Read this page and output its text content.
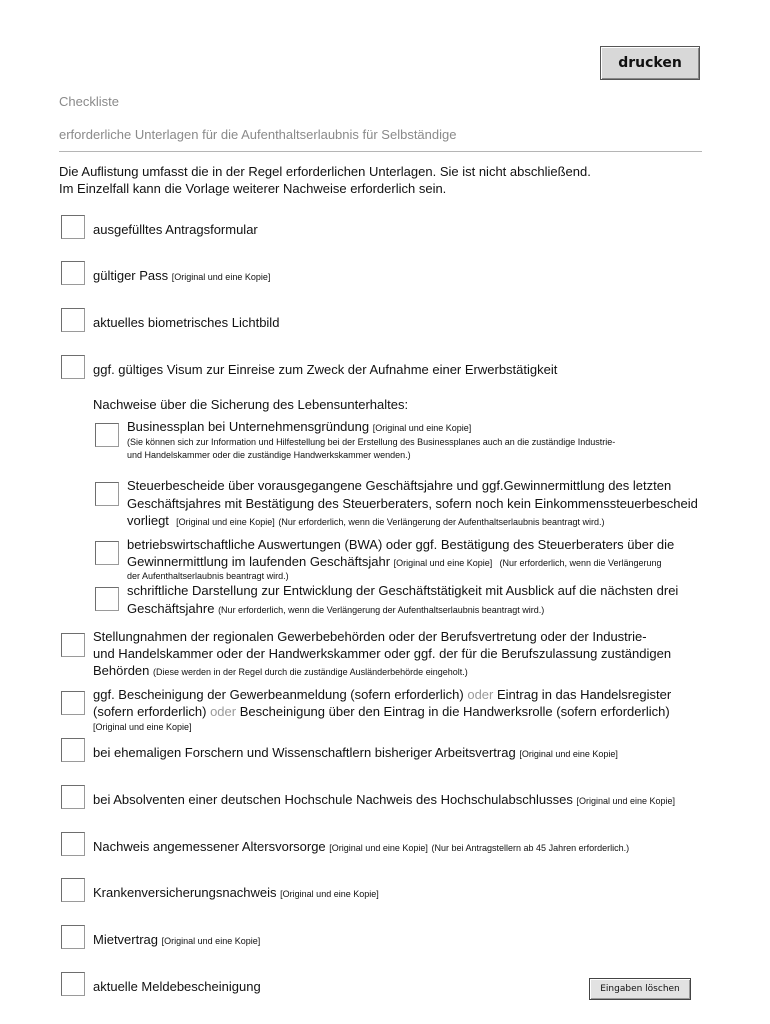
drucken
Checkliste
erforderliche Unterlagen für die Aufenthaltserlaubnis für Selbständige
Die Auflistung umfasst die in der Regel erforderlichen Unterlagen. Sie ist nicht abschließend.
Im Einzelfall kann die Vorlage weiterer Nachweise erforderlich sein.
ausgefülltes Antragsformular
gültiger Pass [Original und eine Kopie]
aktuelles biometrisches Lichtbild
ggf. gültiges Visum zur Einreise zum Zweck der Aufnahme einer Erwerbstätigkeit
Nachweise über die Sicherung des Lebensunterhaltes:
Businessplan bei Unternehmensgründung [Original und eine Kopie]
(Sie können sich zur Information und Hilfestellung bei der Erstellung des Businessplanes auch an die zuständige Industrie-
und Handelskammer oder die zuständige Handwerkskammer wenden.)
Steuerbescheide über vorausgegangene Geschäftsjahre und ggf.Gewinnermittlung des letzten
Geschäftsjahres mit Bestätigung des Steuerberaters, sofern noch kein Einkommenssteuerbescheid
vorliegt [Original und eine Kopie] (Nur erforderlich, wenn die Verlängerung der Aufenthaltserlaubnis beantragt wird.)
betriebswirtschaftliche Auswertungen (BWA) oder ggf. Bestätigung des Steuerberaters über die
Gewinnermittlung im laufenden Geschäftsjahr [Original und eine Kopie] (Nur erforderlich, wenn die Verlängerung
der Aufenthaltserlaubnis beantragt wird.)
schriftliche Darstellung zur Entwicklung der Geschäftstätigkeit mit Ausblick auf die nächsten drei
Geschäftsjahre (Nur erforderlich, wenn die Verlängerung der Aufenthaltserlaubnis beantragt wird.)
Stellungnahmen der regionalen Gewerbebehörden oder der Berufsvertretung oder der Industrie-
und Handelskammer oder der Handwerkskammer oder ggf. der für die Berufszulassung zuständigen
Behörden (Diese werden in der Regel durch die zuständige Ausländerbehörde eingeholt.)
ggf. Bescheinigung der Gewerbeanmeldung (sofern erforderlich) oder Eintrag in das Handelsregister
(sofern erforderlich) oder Bescheinigung über den Eintrag in die Handwerksrolle (sofern erforderlich)
[Original und eine Kopie]
bei ehemaligen Forschern und Wissenschaftlern bisheriger Arbeitsvertrag [Original und eine Kopie]
bei Absolventen einer deutschen Hochschule Nachweis des Hochschulabschlusses [Original und eine Kopie]
Nachweis angemessener Altersvorsorge [Original und eine Kopie] (Nur bei Antragstellern ab 45 Jahren erforderlich.)
Krankenversicherungsnachweis [Original und eine Kopie]
Mietvertrag [Original und eine Kopie]
aktuelle Meldebescheinigung	Eingaben löschen
